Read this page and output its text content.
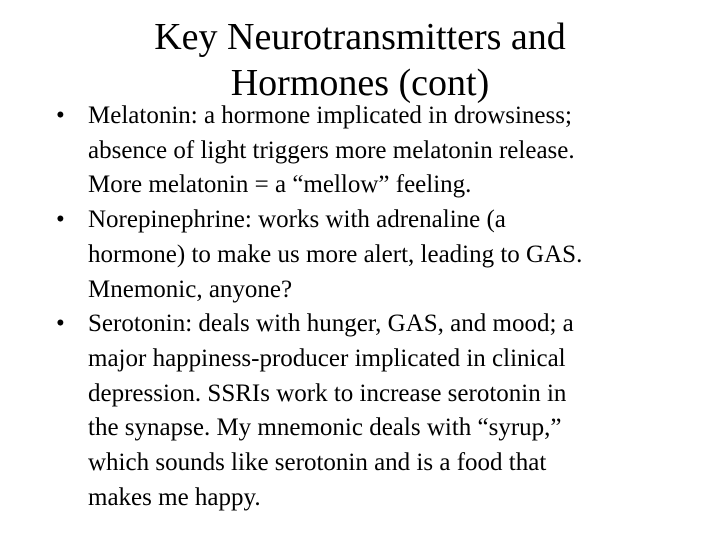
Key Neurotransmitters and
Hormones (cont)
• Melatonin: a hormone implicated in drowsiness;
absence of light triggers more melatonin release.
More melatonin = a “mellow” feeling.
• Norepinephrine: works with adrenaline (a
hormone) to make us more alert, leading to GAS.
Mnemonic, anyone?
• Serotonin: deals with hunger, GAS, and mood; a
major happiness-producer implicated in clinical
depression. SSRIs work to increase serotonin in
the synapse. My mnemonic deals with “syrup,”
which sounds like serotonin and is a food that
makes me happy.
